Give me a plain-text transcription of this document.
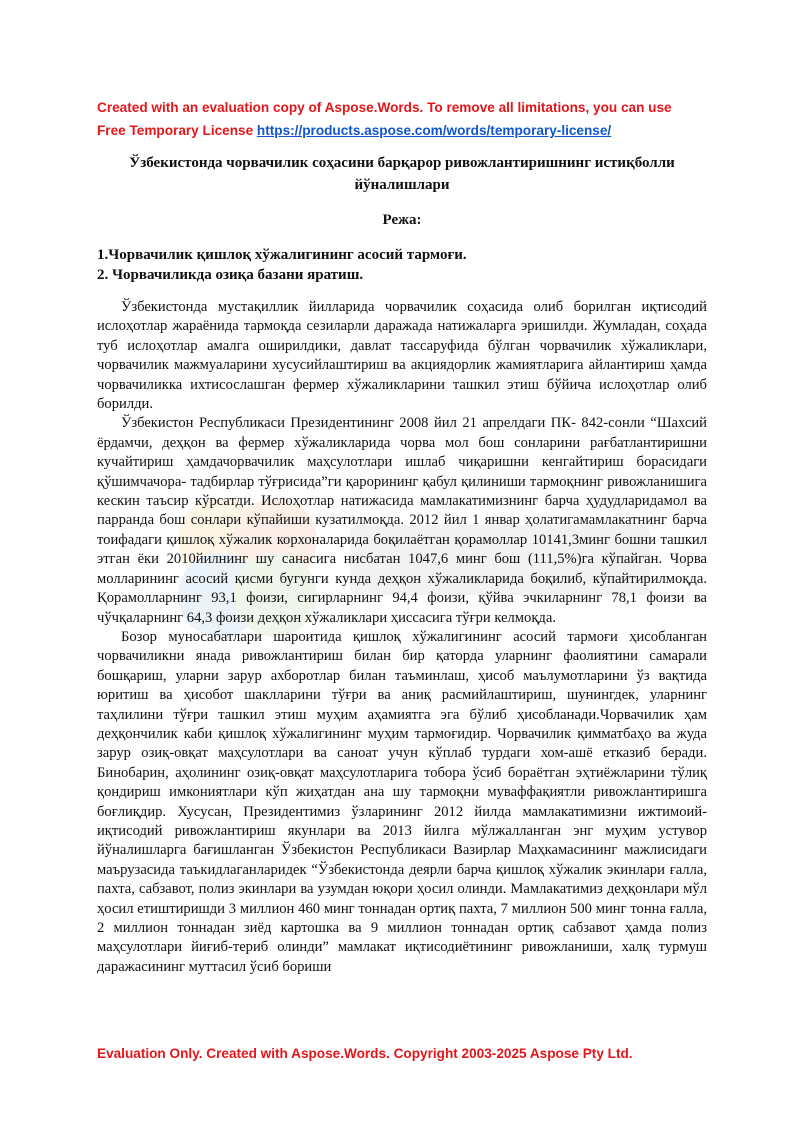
Created with an evaluation copy of Aspose.Words. To remove all limitations, you can use
Free Temporary License https://products.aspose.com/words/temporary-license/
Ўзбекистонда чорвачилик соҳасини барқарор ривожлантиришнинг истиқболли йўналишлари
Режа:
1.Чорвачилик қишлоқ хўжалигининг асосий тармоғи.
2. Чорвачиликда озиқа базани яратиш.

Ўзбекистонда мустақиллик йилларида чорвачилик соҳасида олиб борилган иқтисодий ислоҳотлар жараёнида тармоқда сезиларли даражада натижаларга эришилди. Жумладан, соҳада туб ислоҳотлар амалга оширилдики, давлат тассаруфида бўлган чорвачилик хўжаликлари, чорвачилик мажмуаларини хусусийлаштириш ва акциядорлик жамиятларига айлантириш ҳамда чорвачиликка ихтисослашган фермер хўжаликларини ташкил этиш бўйича ислоҳотлар олиб борилди.

Ўзбекистон Республикаси Президентининг 2008 йил 21 апрелдаги ПК- 842-сонли “Шахсий ёрдамчи, деҳқон ва фермер хўжаликларида чорва мол бош сонларини рағбатлантиришни кучайтириш ҳамдачорвачилик маҳсулотлари ишлаб чиқаришни кенгайтириш борасидаги қўшимчачора- тадбирлар тўғрисида”ги қарорининг қабул қилиниши тармоқнинг ривожланишига кескин таъсир кўрсатди. Ислоҳотлар натижасида мамлакатимизнинг барча ҳудудларидамол ва парранда бош сонлари кўпайиши кузатилмоқда. 2012 йил 1 январ ҳолатигамамлакатнинг барча тоифадаги қишлоқ хўжалик корхоналарида боқилаётган қорамоллар 10141,3минг бошни ташкил этган ёки 2010йилнинг шу санасига нисбатан 1047,6 минг бош (111,5%)га кўпайган. Чорва молларининг асосий қисми бугунги кунда деҳқон хўжаликларида боқилиб, кўпайтирилмоқда. Қорамолларнинг 93,1 фоизи, сигирларнинг 94,4 фоизи, қўйва эчкиларнинг 78,1 фоизи ва чўчқаларнинг 64,3 фоизи деҳқон хўжаликлари ҳиссасига тўғри келмоқда.

Бозор муносабатлари шароитида қишлоқ хўжалигининг асосий тармоғи ҳисобланган чорвачиликни янада ривожлантириш билан бир қаторда уларнинг фаолиятини самарали бошқариш, уларни зарур ахборотлар билан таъминлаш, ҳисоб маълумотларини ўз вақтида юритиш ва ҳисобот шаклларини тўғри ва аниқ расмийлаштириш, шунингдек, уларнинг таҳлилини тўғри ташкил этиш муҳим аҳамиятга эга бўлиб ҳисобланади.Чорвачилик ҳам деҳқончилик каби қишлоқ хўжалигининг муҳим тармоғидир. Чорвачилик қимматбаҳо ва жуда зарур озиқ-овқат маҳсулотлари ва саноат учун кўплаб турдаги хом-ашё етказиб беради. Бинобарин, аҳолининг озиқ-овқат маҳсулотларига тобора ўсиб бораётган эҳтиёжларини тўлиқ қондириш имкониятлари кўп жиҳатдан ана шу тармоқни муваффақиятли ривожлантиришга боғлиқдир. Хусусан, Президентимиз ўзларининг 2012 йилда мамлакатимизни ижтимоий-иқтисодий ривожлантириш якунлари ва 2013 йилга мўлжалланган энг муҳим устувор йўналишларга бағишланган Ўзбекистон Республикаси Вазирлар Маҳкамасининг мажлисидаги маърузасида таъкидлаганларидек “Ўзбекистонда деярли барча қишлоқ хўжалик экинлари ғалла, пахта, сабзавот, полиз экинлари ва узумдан юқори ҳосил олинди. Мамлакатимиз деҳқонлари мўл ҳосил етиштиришди 3 миллион 460 минг тоннадан ортиқ пахта, 7 миллион 500 минг тонна ғалла, 2 миллион тоннадан зиёд картошка ва 9 миллион тоннадан ортиқ сабзавот ҳамда полиз маҳсулотлари йиғиб-териб олинди” мамлакат иқтисодиётининг ривожланиши, халқ турмуш даражасининг муттасил ўсиб бориши

Evaluation Only. Created with Aspose.Words. Copyright 2003-2025 Aspose Pty Ltd.
